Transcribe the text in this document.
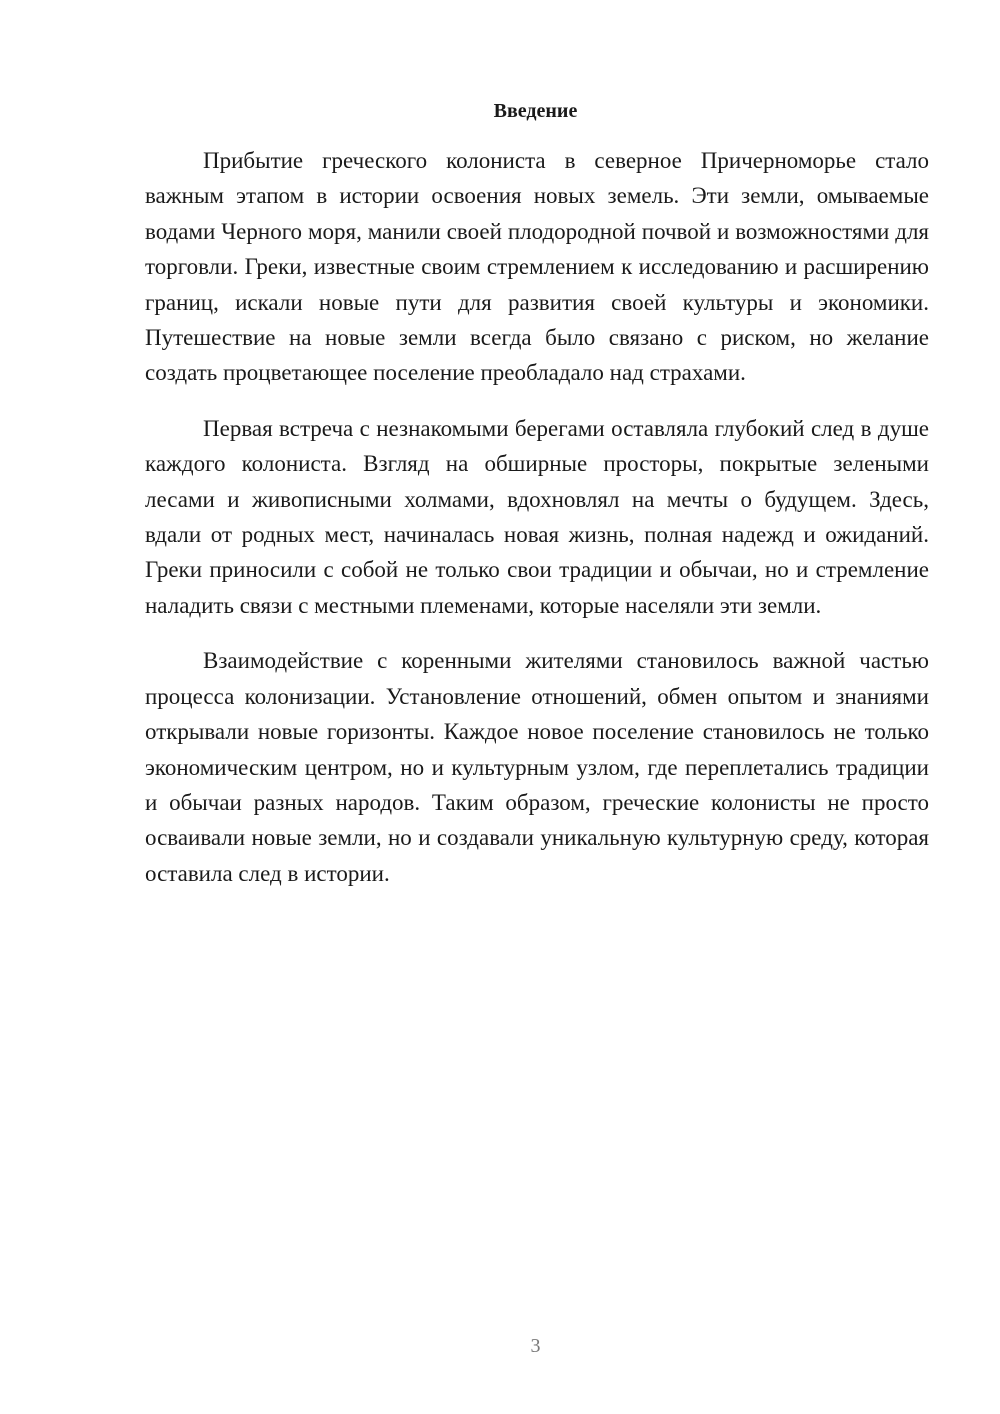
Введение

Прибытие греческого колониста в северное Причерноморье стало важным этапом в истории освоения новых земель. Эти земли, омываемые водами Черного моря, манили своей плодородной почвой и возможностями для торговли. Греки, известные своим стремлением к исследованию и расширению границ, искали новые пути для развития своей культуры и экономики. Путешествие на новые земли всегда было связано с риском, но желание создать процветающее поселение преобладало над страхами.

Первая встреча с незнакомыми берегами оставляла глубокий след в душе каждого колониста. Взгляд на обширные просторы, покрытые зелеными лесами и живописными холмами, вдохновлял на мечты о будущем. Здесь, вдали от родных мест, начиналась новая жизнь, полная надежд и ожиданий. Греки приносили с собой не только свои традиции и обычаи, но и стремление наладить связи с местными племенами, которые населяли эти земли.

Взаимодействие с коренными жителями становилось важной частью процесса колонизации. Установление отношений, обмен опытом и знаниями открывали новые горизонты. Каждое новое поселение становилось не только экономическим центром, но и культурным узлом, где переплетались традиции и обычаи разных народов. Таким образом, греческие колонисты не просто осваивали новые земли, но и создавали уникальную культурную среду, которая оставила след в истории.

3
